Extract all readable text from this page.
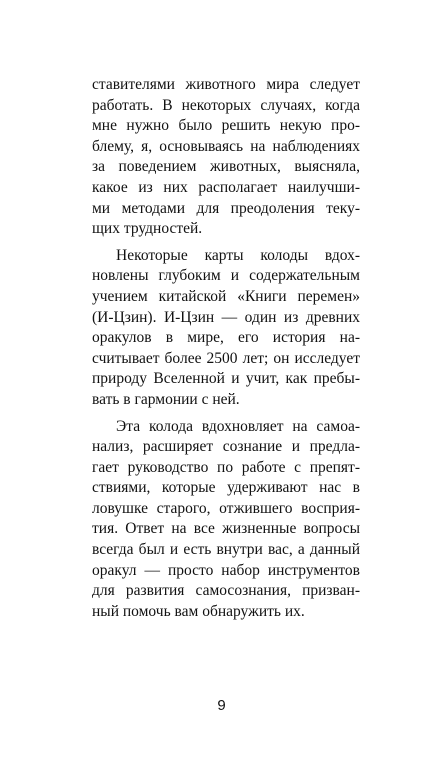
ставителями животного мира следует
работать. В некоторых случаях, когда
мне нужно было решить некую про-
блему, я, основываясь на наблюдениях
за поведением животных, выясняла,
какое из них располагает наилучши-
ми методами для преодоления теку-
щих трудностей.

Некоторые карты колоды вдох-
новлены глубоким и содержательным
учением китайской «Книги перемен»
(И-Цзин). И-Цзин — один из древних
оракулов в мире, его история на-
считывает более 2500 лет; он исследует
природу Вселенной и учит, как пребы-
вать в гармонии с ней.

Эта колода вдохновляет на самоа-
нализ, расширяет сознание и предла-
гает руководство по работе с препят-
ствиями, которые удерживают нас в
ловушке старого, отжившего восприя-
тия. Ответ на все жизненные вопросы
всегда был и есть внутри вас, а данный
оракул — просто набор инструментов
для развития самосознания, призван-
ный помочь вам обнаружить их.

9
